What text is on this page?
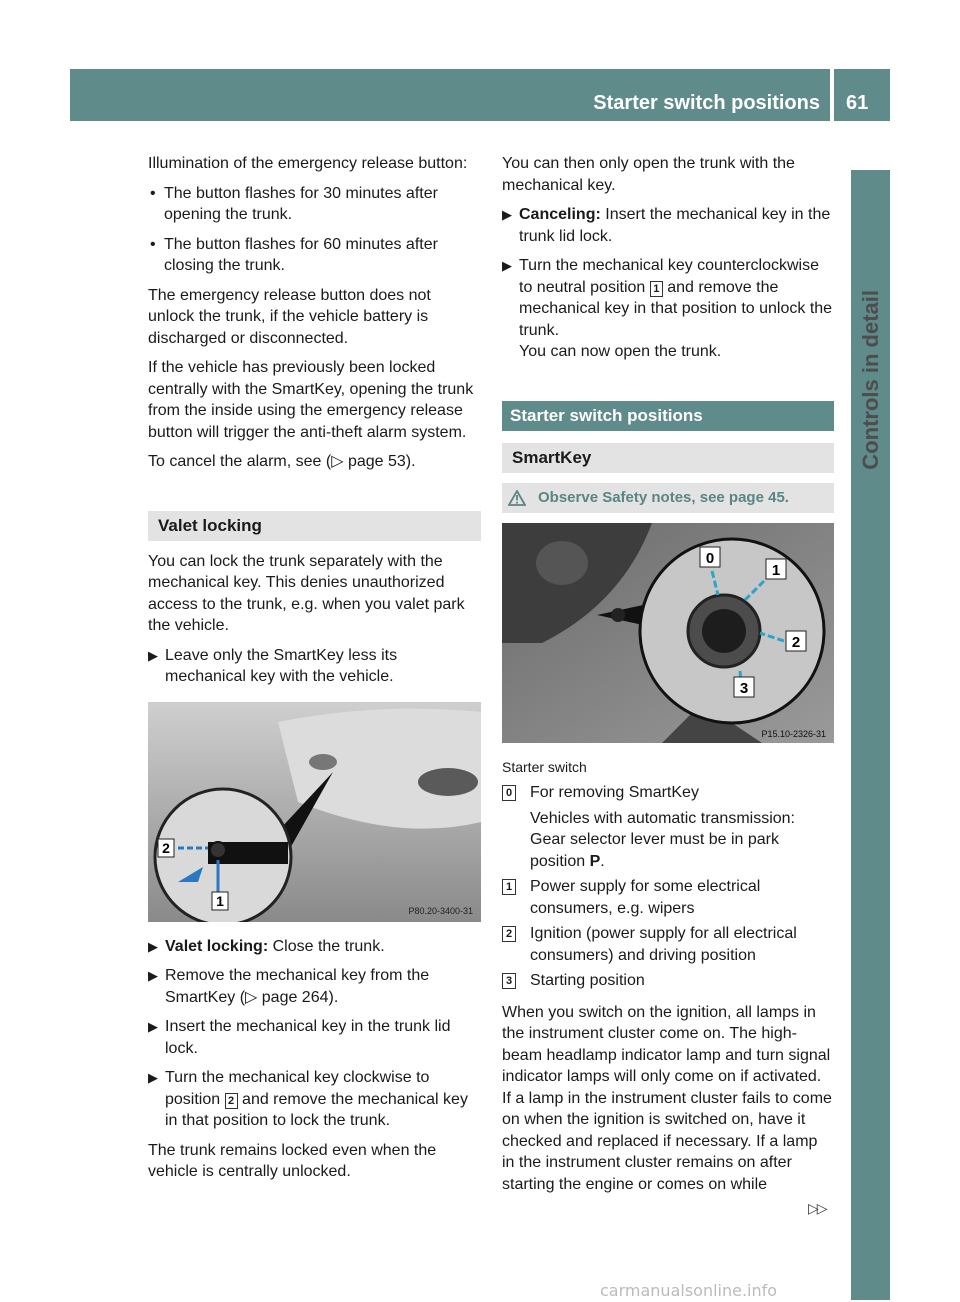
Starter switch positions 61
Controls in detail

Illumination of the emergency release button:

• The button flashes for 30 minutes after opening the trunk.
• The button flashes for 60 minutes after closing the trunk.

The emergency release button does not unlock the trunk, if the vehicle battery is discharged or disconnected.

If the vehicle has previously been locked centrally with the SmartKey, opening the trunk from the inside using the emergency release button will trigger the anti-theft alarm system.

To cancel the alarm, see (▷ page 53).

Valet locking

You can lock the trunk separately with the mechanical key. This denies unauthorized access to the trunk, e.g. when you valet park the vehicle.

▶ Leave only the SmartKey less its mechanical key with the vehicle.
2
1
P80.20-3400-31
▶ Valet locking: Close the trunk.
▶ Remove the mechanical key from the SmartKey (▷ page 264).
▶ Insert the mechanical key in the trunk lid lock.
▶ Turn the mechanical key clockwise to position 2 and remove the mechanical key in that position to lock the trunk.

The trunk remains locked even when the vehicle is centrally unlocked.

You can then only open the trunk with the mechanical key.

▶ Canceling: Insert the mechanical key in the trunk lid lock.
▶ Turn the mechanical key counterclockwise to neutral position 1 and remove the mechanical key in that position to unlock the trunk.
You can now open the trunk.
Starter switch positions
SmartKey
Observe Safety notes, see page 45.
0
1
2
3
P15.10-2326-31
Starter switch
0 For removing SmartKey
Vehicles with automatic transmission: Gear selector lever must be in park position P.
1 Power supply for some electrical consumers, e.g. wipers
2 Ignition (power supply for all electrical consumers) and driving position
3 Starting position

When you switch on the ignition, all lamps in the instrument cluster come on. The high-beam headlamp indicator lamp and turn signal indicator lamps will only come on if activated. If a lamp in the instrument cluster fails to come on when the ignition is switched on, have it checked and replaced if necessary. If a lamp in the instrument cluster remains on after starting the engine or comes on while

▷▷
carmanualsonline.info
